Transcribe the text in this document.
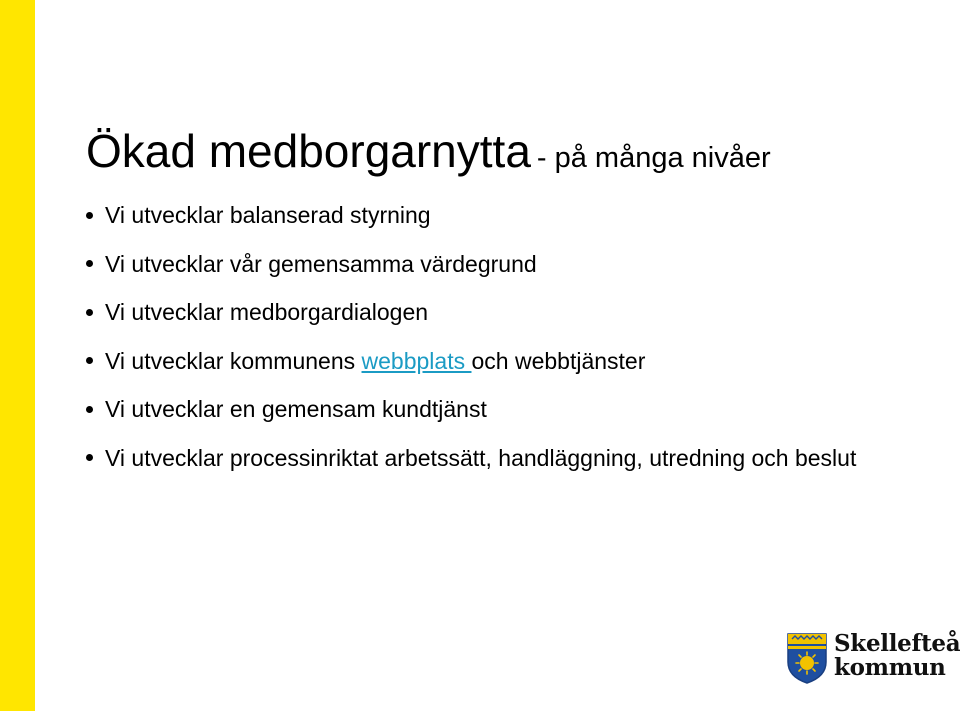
Ökad medborgarnytta - på många nivåer
Vi utvecklar balanserad styrning
Vi utvecklar vår gemensamma värdegrund
Vi utvecklar medborgardialogen
Vi utvecklar kommunens webbplats och webbtjänster
Vi utvecklar en gemensam kundtjänst
Vi utvecklar processinriktat arbetssätt, handläggning, utredning och beslut
Skellefteå
kommun
